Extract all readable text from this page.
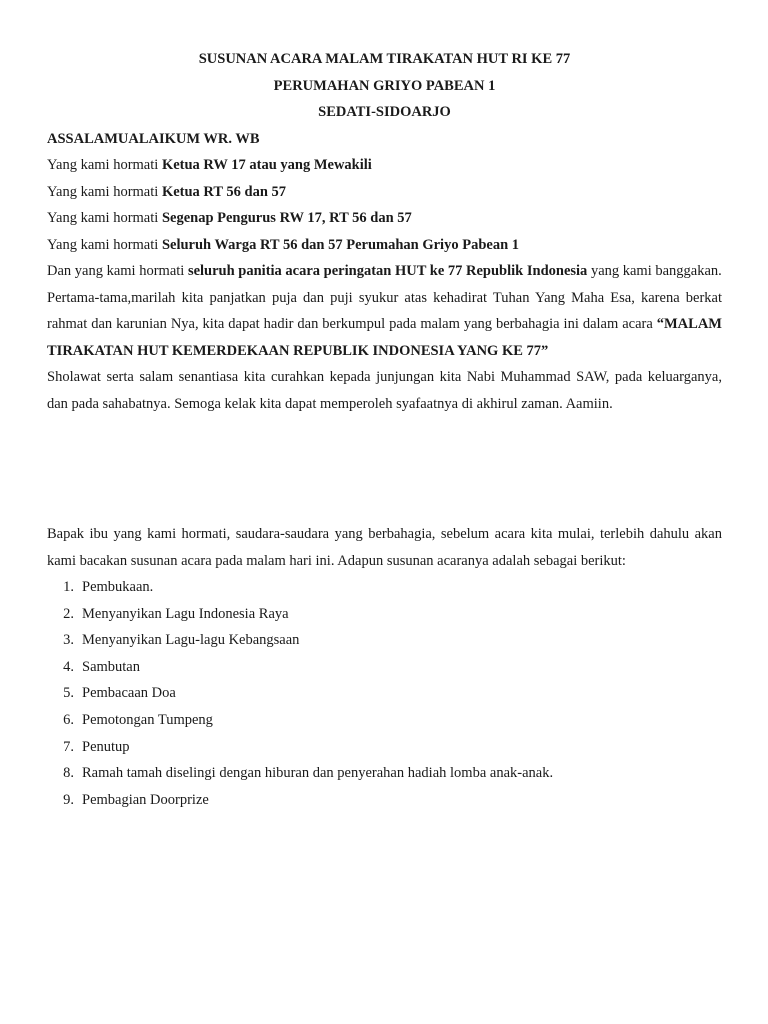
SUSUNAN ACARA MALAM TIRAKATAN HUT RI KE 77
PERUMAHAN GRIYO PABEAN 1
SEDATI-SIDOARJO
ASSALAMUALAIKUM WR. WB
Yang kami hormati Ketua RW 17 atau yang Mewakili
Yang kami hormati Ketua RT 56 dan 57
Yang kami hormati Segenap Pengurus RW 17, RT 56 dan 57
Yang kami hormati Seluruh Warga RT 56 dan 57 Perumahan Griyo Pabean 1
Dan yang kami hormati seluruh panitia acara peringatan HUT ke 77 Republik Indonesia yang kami banggakan.
Pertama-tama,marilah kita panjatkan puja dan puji syukur atas kehadirat Tuhan Yang Maha Esa, karena berkat rahmat dan karunian Nya, kita dapat hadir dan berkumpul pada malam yang berbahagia ini dalam acara “MALAM TIRAKATAN HUT KEMERDEKAAN REPUBLIK INDONESIA YANG KE 77”
Sholawat serta salam senantiasa kita curahkan kepada junjungan kita Nabi Muhammad SAW, pada keluarganya, dan pada sahabatnya. Semoga kelak kita dapat memperoleh syafaatnya di akhirul zaman. Aamiin.
Bapak ibu yang kami hormati, saudara-saudara yang berbahagia, sebelum acara kita mulai, terlebih dahulu akan kami bacakan susunan acara pada malam hari ini. Adapun susunan acaranya adalah sebagai berikut:
1. Pembukaan.
2. Menyanyikan Lagu Indonesia Raya
3. Menyanyikan Lagu-lagu Kebangsaan
4. Sambutan
5. Pembacaan Doa
6. Pemotongan Tumpeng
7. Penutup
8. Ramah tamah diselingi dengan hiburan dan penyerahan hadiah lomba anak-anak.
9. Pembagian Doorprize
